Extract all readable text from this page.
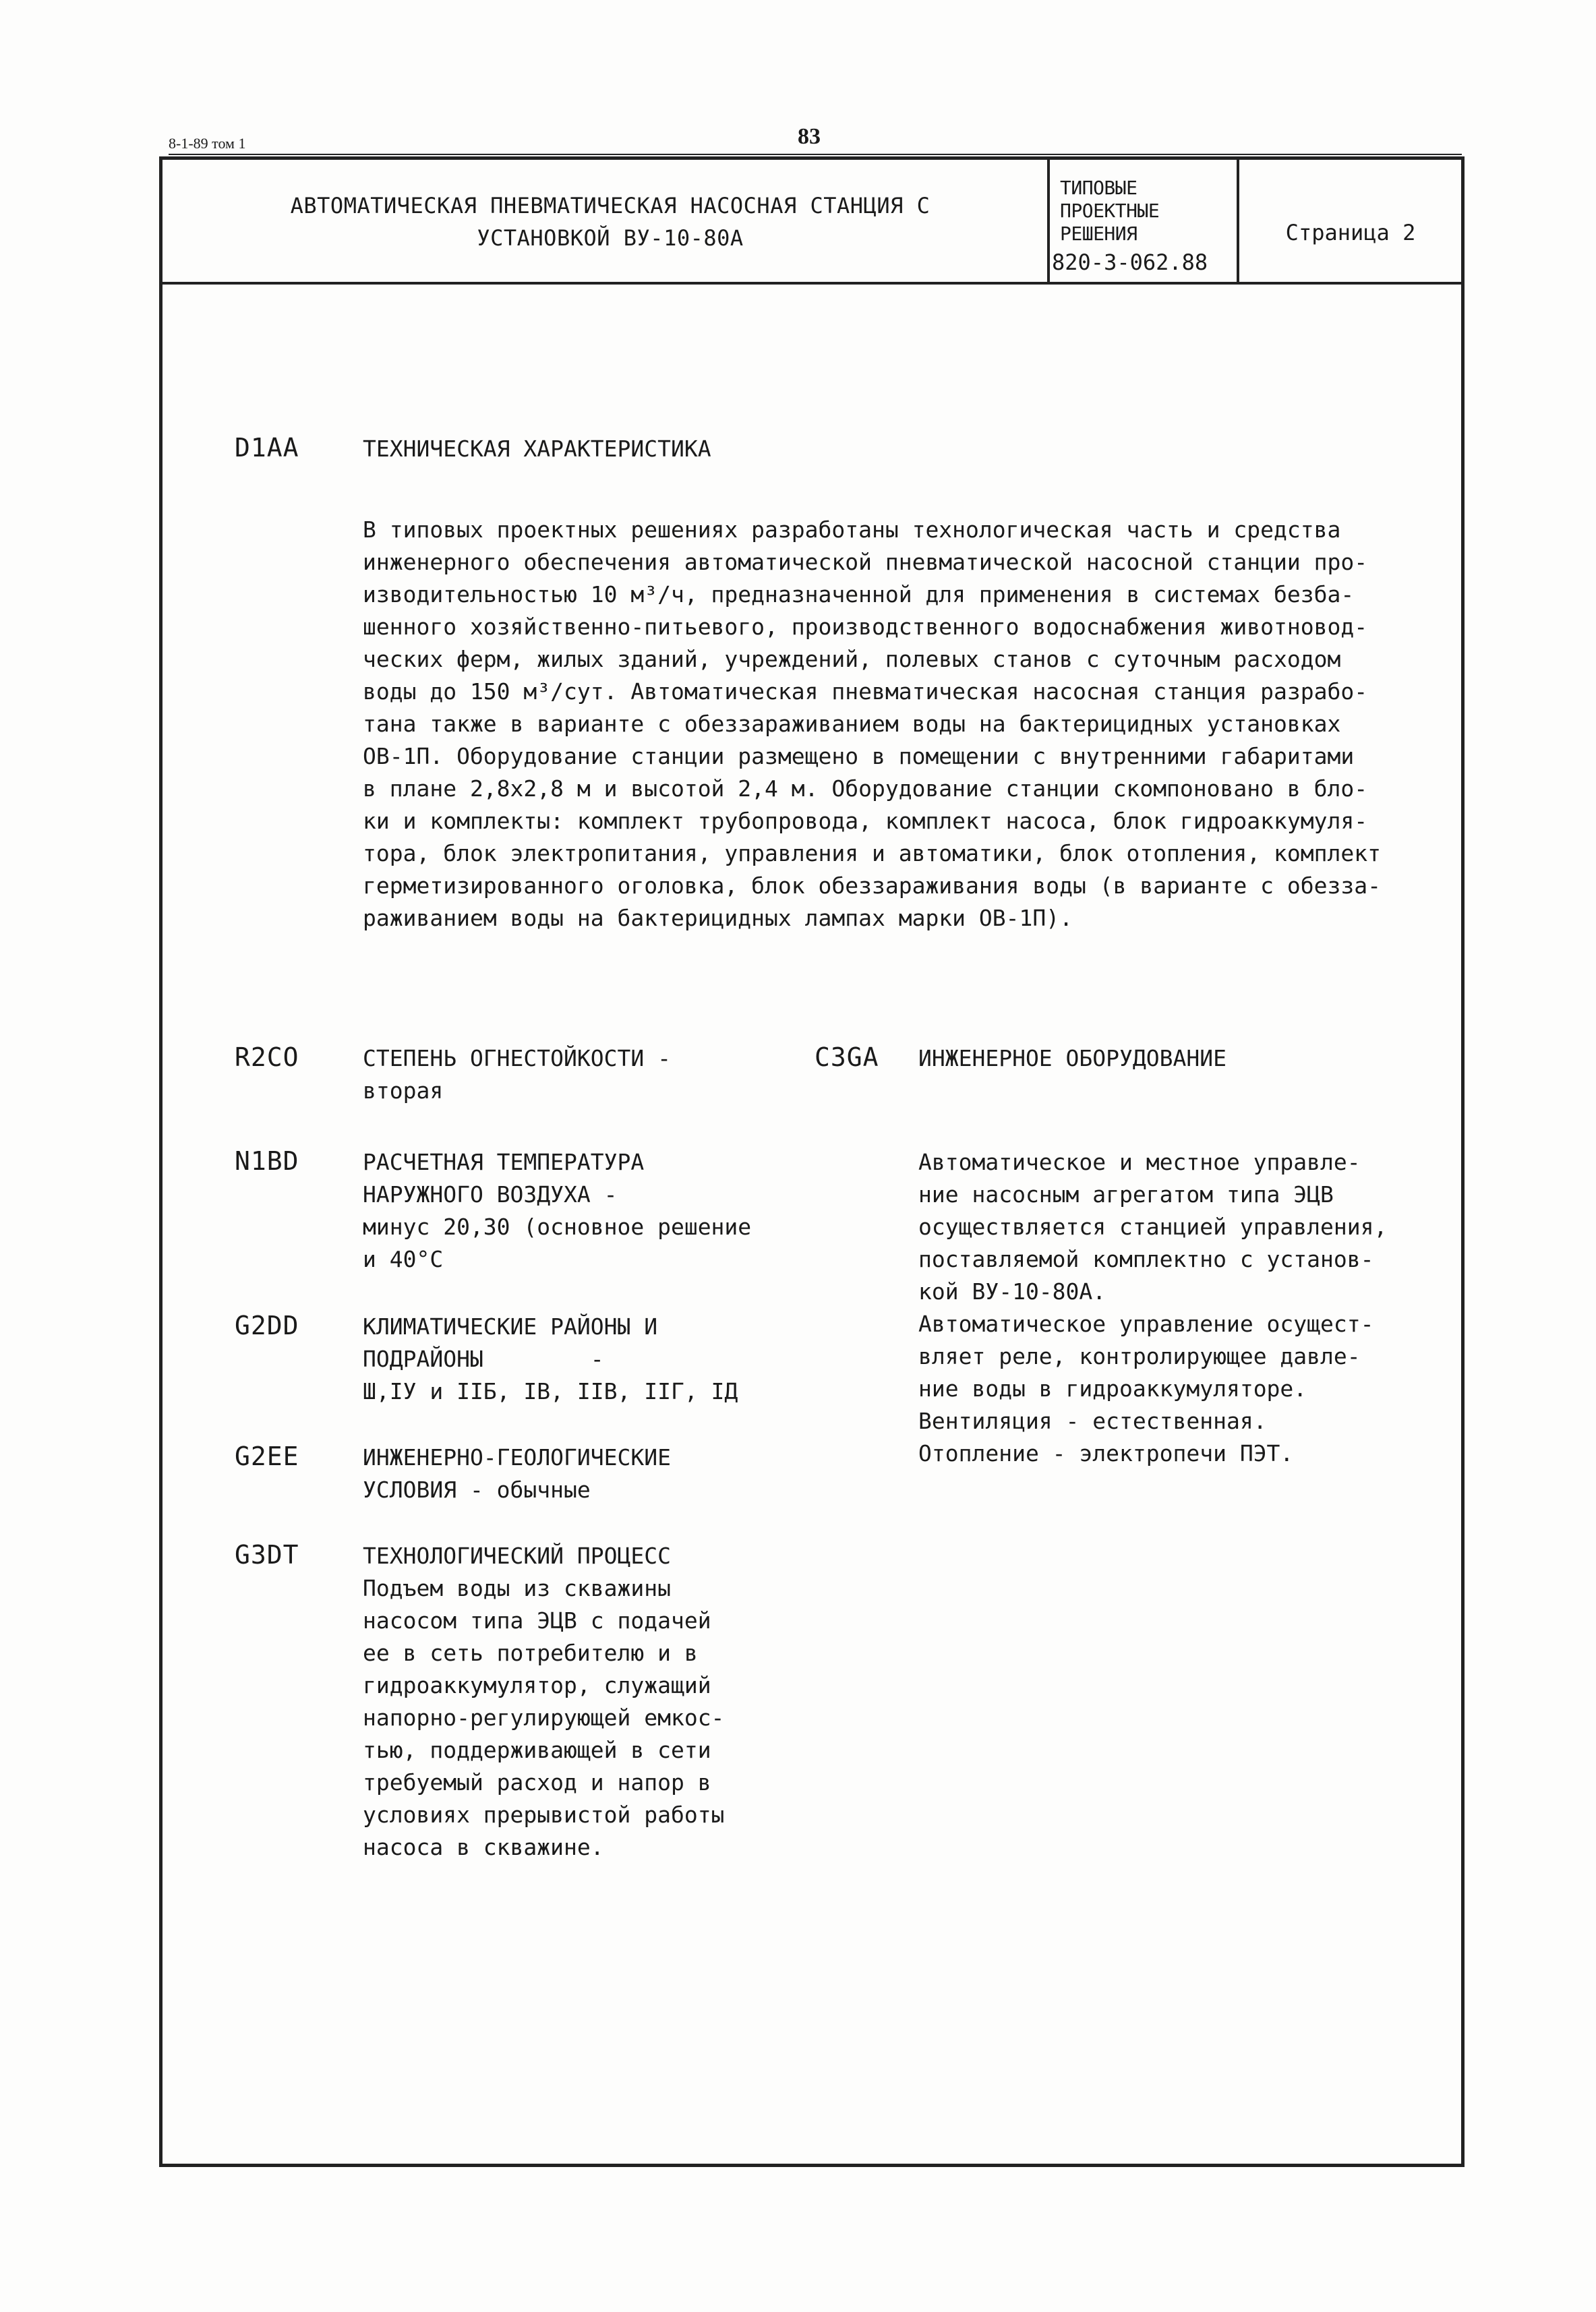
8-1-89 том 1	83
АВТОМАТИЧЕСКАЯ ПНЕВМАТИЧЕСКАЯ НАСОСНАЯ СТАНЦИЯ С
УСТАНОВКОЙ ВУ-10-80А
ТИПОВЫЕ
ПРОЕКТНЫЕ
РЕШЕНИЯ
820-3-062.88
Страница 2
D1AA	ТЕХНИЧЕСКАЯ ХАРАКТЕРИСТИКА
В типовых проектных решениях разработаны технологическая часть и средства
инженерного обеспечения автоматической пневматической насосной станции про-
изводительностью 10 м³/ч, предназначенной для применения в системах безба-
шенного хозяйственно-питьевого, производственного водоснабжения животновод-
ческих ферм, жилых зданий, учреждений, полевых станов с суточным расходом
воды до 150 м³/сут. Автоматическая пневматическая насосная станция разрабо-
тана также в варианте с обеззараживанием воды на бактерицидных установках
ОВ-1П. Оборудование станции размещено в помещении с внутренними габаритами
в плане 2,8х2,8 м и высотой 2,4 м. Оборудование станции скомпоновано в бло-
ки и комплекты: комплект трубопровода, комплект насоса, блок гидроаккумуля-
тора, блок электропитания, управления и автоматики, блок отопления, комплект
герметизированного оголовка, блок обеззараживания воды (в варианте с обезза-
раживанием воды на бактерицидных лампах марки ОВ-1П).
R2CO	СТЕПЕНЬ ОГНЕСТОЙКОСТИ -
вторая
N1BD	РАСЧЕТНАЯ ТЕМПЕРАТУРА
НАРУЖНОГО ВОЗДУХА -
минус 20,30 (основное решение
и 40°С
G2DD	КЛИМАТИЧЕСКИЕ РАЙОНЫ И
ПОДРАЙОНЫ        -
Ш,IУ и IIБ, IВ, IIВ, IIГ, IД
G2EE	ИНЖЕНЕРНО-ГЕОЛОГИЧЕСКИЕ
УСЛОВИЯ - обычные
G3DT	ТЕХНОЛОГИЧЕСКИЙ ПРОЦЕСС
Подъем воды из скважины
насосом типа ЭЦВ с подачей
ее в сеть потребителю и в
гидроаккумулятор, служащий
напорно-регулирующей емкос-
тью, поддерживающей в сети
требуемый расход и напор в
условиях прерывистой работы
насоса в скважине.
C3GA ИНЖЕНЕРНОЕ ОБОРУДОВАНИЕ
Автоматическое и местное управле-
ние насосным агрегатом типа ЭЦВ
осуществляется станцией управления,
поставляемой комплектно с установ-
кой ВУ-10-80А.
Автоматическое управление осущест-
вляет реле, контролирующее давле-
ние воды в гидроаккумуляторе.
Вентиляция - естественная.
Отопление - электропечи ПЭТ.
